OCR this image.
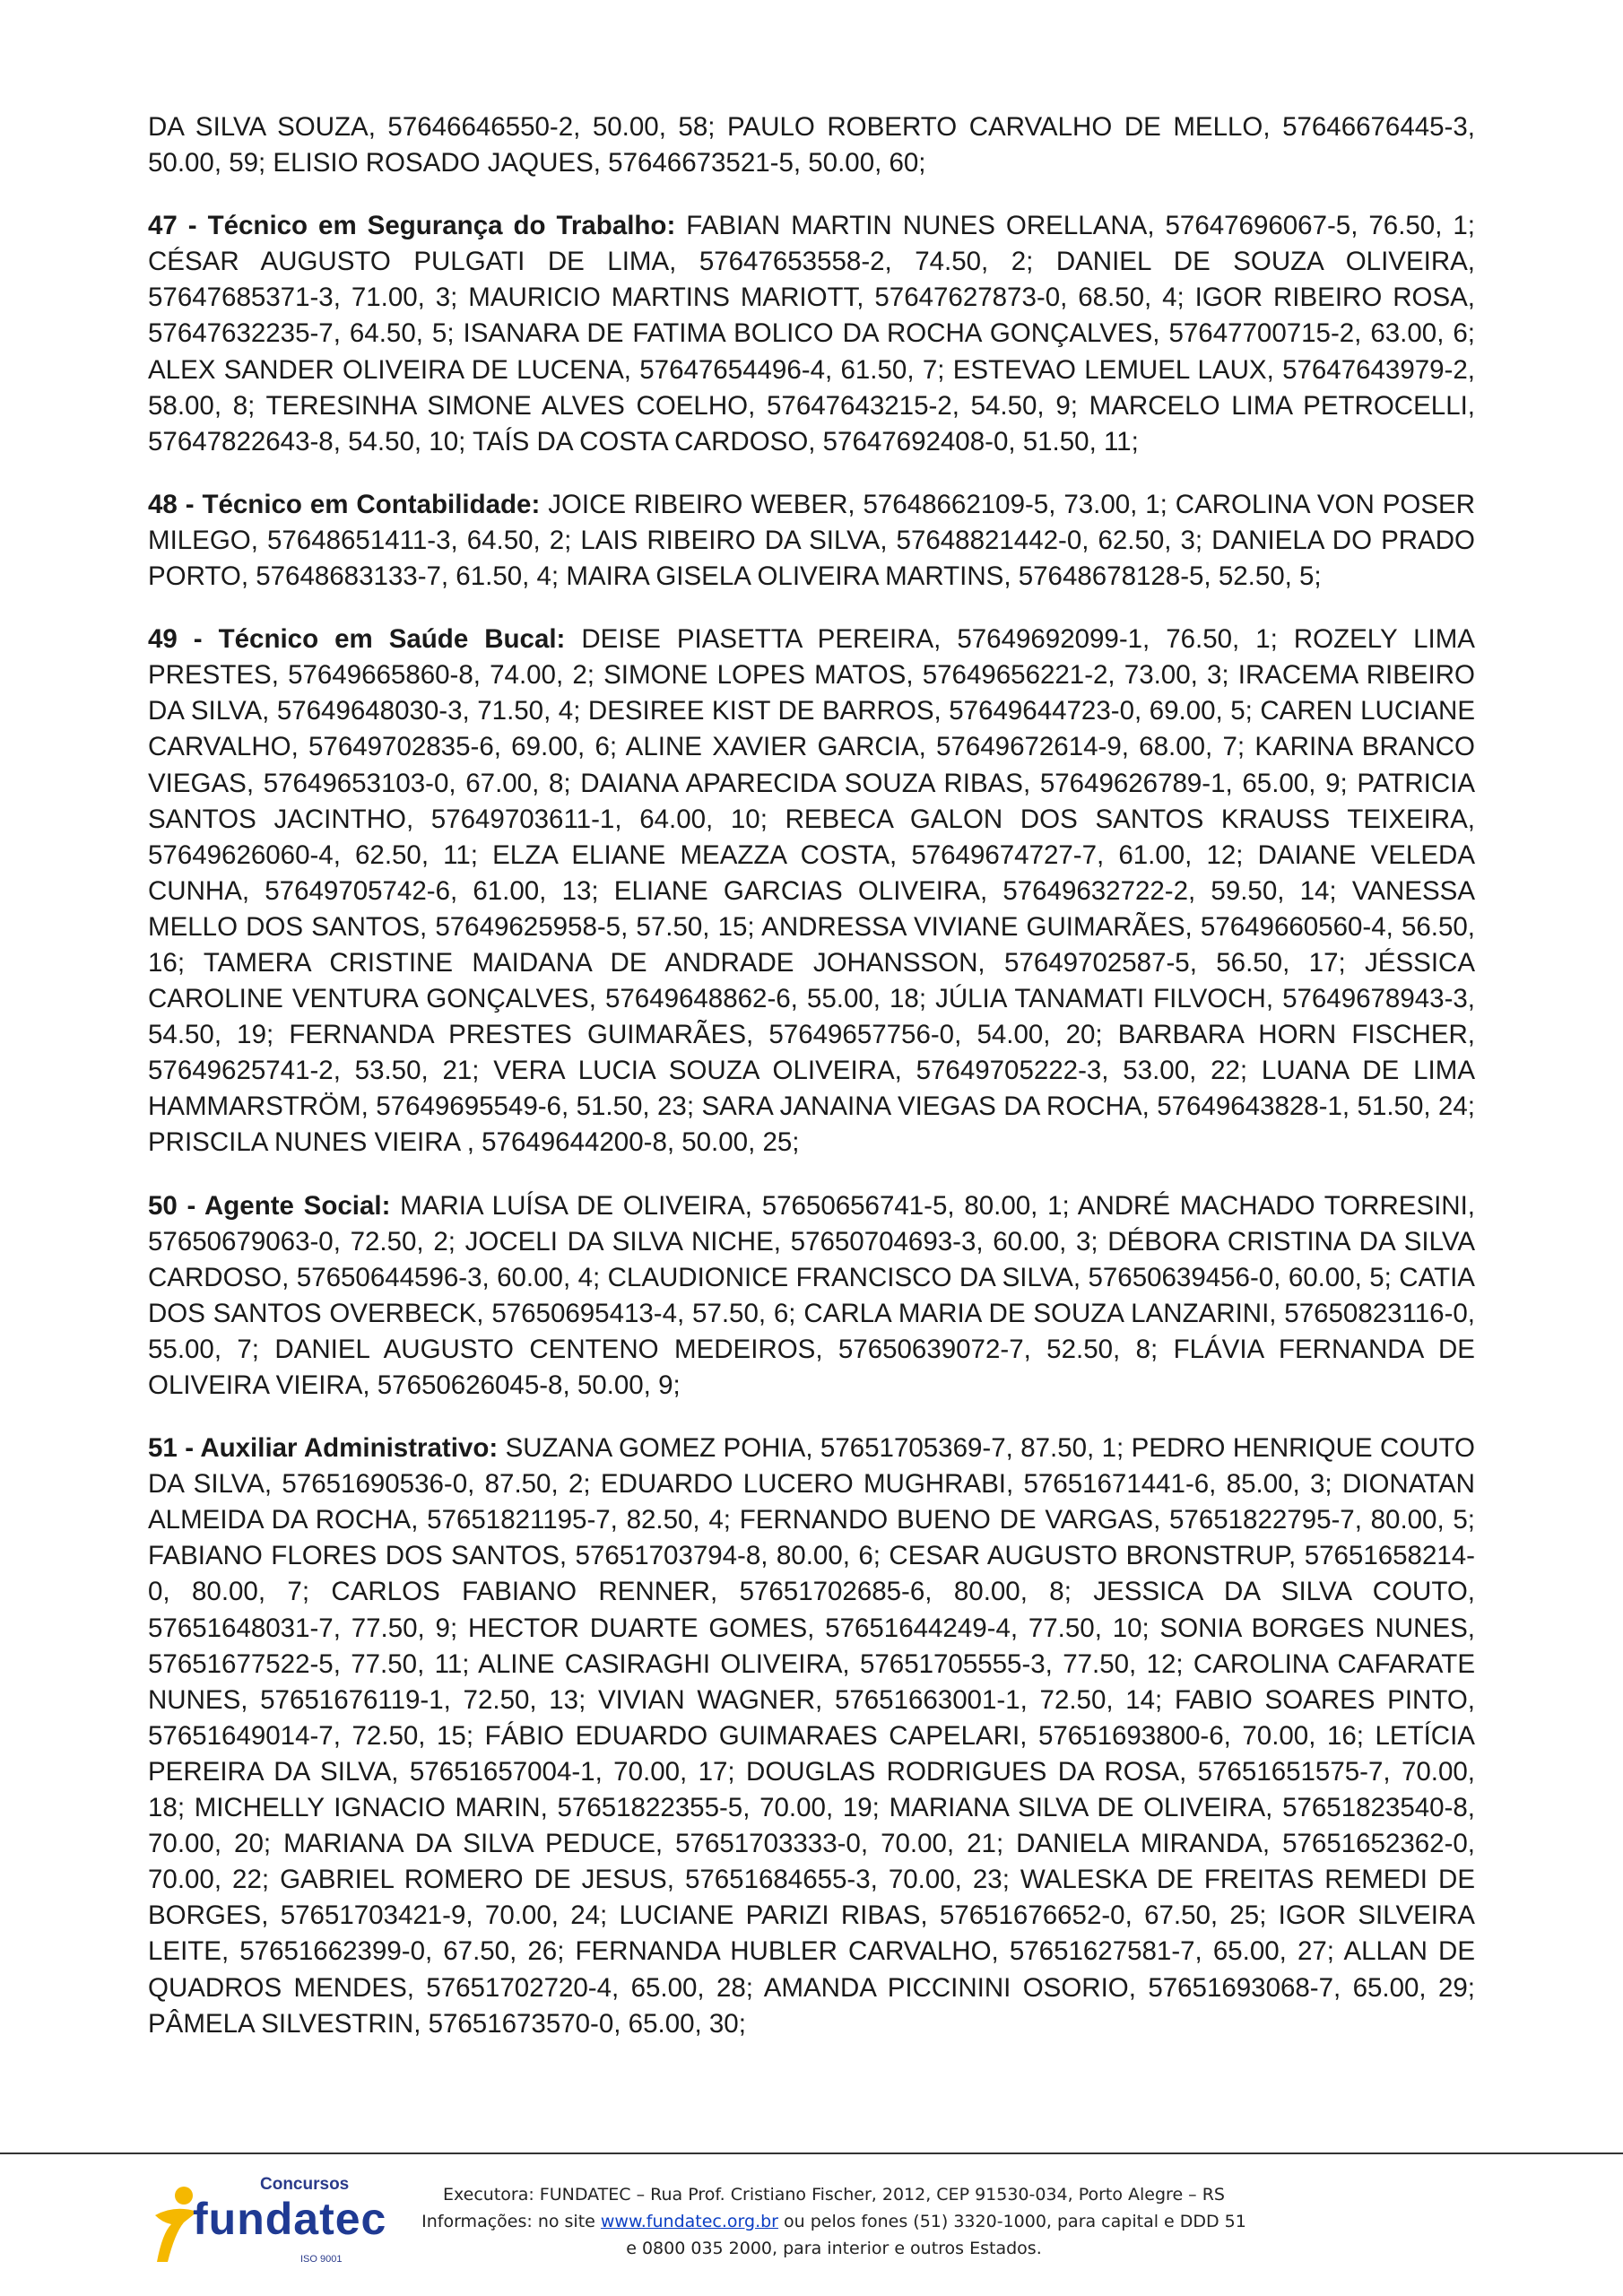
DA SILVA SOUZA, 57646646550-2, 50.00, 58; PAULO ROBERTO CARVALHO DE MELLO, 57646676445-3, 50.00, 59; ELISIO ROSADO JAQUES, 57646673521-5, 50.00, 60;

47 - Técnico em Segurança do Trabalho: FABIAN MARTIN NUNES ORELLANA, 57647696067-5, 76.50, 1; CÉSAR AUGUSTO PULGATI DE LIMA, 57647653558-2, 74.50, 2; DANIEL DE SOUZA OLIVEIRA, 57647685371-3, 71.00, 3; MAURICIO MARTINS MARIOTT, 57647627873-0, 68.50, 4; IGOR RIBEIRO ROSA, 57647632235-7, 64.50, 5; ISANARA DE FATIMA BOLICO DA ROCHA GONÇALVES, 57647700715-2, 63.00, 6; ALEX SANDER OLIVEIRA DE LUCENA, 57647654496-4, 61.50, 7; ESTEVAO LEMUEL LAUX, 57647643979-2, 58.00, 8; TERESINHA SIMONE ALVES COELHO, 57647643215-2, 54.50, 9; MARCELO LIMA PETROCELLI, 57647822643-8, 54.50, 10; TAÍS DA COSTA CARDOSO, 57647692408-0, 51.50, 11;

48 - Técnico em Contabilidade: JOICE RIBEIRO WEBER, 57648662109-5, 73.00, 1; CAROLINA VON POSER MILEGO, 57648651411-3, 64.50, 2; LAIS RIBEIRO DA SILVA, 57648821442-0, 62.50, 3; DANIELA DO PRADO PORTO, 57648683133-7, 61.50, 4; MAIRA GISELA OLIVEIRA MARTINS, 57648678128-5, 52.50, 5;

49 - Técnico em Saúde Bucal: DEISE PIASETTA PEREIRA, 57649692099-1, 76.50, 1; ROZELY LIMA PRESTES, 57649665860-8, 74.00, 2; SIMONE LOPES MATOS, 57649656221-2, 73.00, 3; IRACEMA RIBEIRO DA SILVA, 57649648030-3, 71.50, 4; DESIREE KIST DE BARROS, 57649644723-0, 69.00, 5; CAREN LUCIANE CARVALHO, 57649702835-6, 69.00, 6; ALINE XAVIER GARCIA, 57649672614-9, 68.00, 7; KARINA BRANCO VIEGAS, 57649653103-0, 67.00, 8; DAIANA APARECIDA SOUZA RIBAS, 57649626789-1, 65.00, 9; PATRICIA SANTOS JACINTHO, 57649703611-1, 64.00, 10; REBECA GALON DOS SANTOS KRAUSS TEIXEIRA, 57649626060-4, 62.50, 11; ELZA ELIANE MEAZZA COSTA, 57649674727-7, 61.00, 12; DAIANE VELEDA CUNHA, 57649705742-6, 61.00, 13; ELIANE GARCIAS OLIVEIRA, 57649632722-2, 59.50, 14; VANESSA MELLO DOS SANTOS, 57649625958-5, 57.50, 15; ANDRESSA VIVIANE GUIMARÃES, 57649660560-4, 56.50, 16; TAMERA CRISTINE MAIDANA DE ANDRADE JOHANSSON, 57649702587-5, 56.50, 17; JÉSSICA CAROLINE VENTURA GONÇALVES, 57649648862-6, 55.00, 18; JÚLIA TANAMATI FILVOCH, 57649678943-3, 54.50, 19; FERNANDA PRESTES GUIMARÃES, 57649657756-0, 54.00, 20; BARBARA HORN FISCHER, 57649625741-2, 53.50, 21; VERA LUCIA SOUZA OLIVEIRA, 57649705222-3, 53.00, 22; LUANA DE LIMA HAMMARSTRÖM, 57649695549-6, 51.50, 23; SARA JANAINA VIEGAS DA ROCHA, 57649643828-1, 51.50, 24; PRISCILA NUNES VIEIRA , 57649644200-8, 50.00, 25;

50 - Agente Social: MARIA LUÍSA DE OLIVEIRA, 57650656741-5, 80.00, 1; ANDRÉ MACHADO TORRESINI, 57650679063-0, 72.50, 2; JOCELI DA SILVA NICHE, 57650704693-3, 60.00, 3; DÉBORA CRISTINA DA SILVA CARDOSO, 57650644596-3, 60.00, 4; CLAUDIONICE FRANCISCO DA SILVA, 57650639456-0, 60.00, 5; CATIA DOS SANTOS OVERBECK, 57650695413-4, 57.50, 6; CARLA MARIA DE SOUZA LANZARINI, 57650823116-0, 55.00, 7; DANIEL AUGUSTO CENTENO MEDEIROS, 57650639072-7, 52.50, 8; FLÁVIA FERNANDA DE OLIVEIRA VIEIRA, 57650626045-8, 50.00, 9;

51 - Auxiliar Administrativo: SUZANA GOMEZ POHIA, 57651705369-7, 87.50, 1; PEDRO HENRIQUE COUTO DA SILVA, 57651690536-0, 87.50, 2; EDUARDO LUCERO MUGHRABI, 57651671441-6, 85.00, 3; DIONATAN ALMEIDA DA ROCHA, 57651821195-7, 82.50, 4; FERNANDO BUENO DE VARGAS, 57651822795-7, 80.00, 5; FABIANO FLORES DOS SANTOS, 57651703794-8, 80.00, 6; CESAR AUGUSTO BRONSTRUP, 57651658214-0, 80.00, 7; CARLOS FABIANO RENNER, 57651702685-6, 80.00, 8; JESSICA DA SILVA COUTO, 57651648031-7, 77.50, 9; HECTOR DUARTE GOMES, 57651644249-4, 77.50, 10; SONIA BORGES NUNES, 57651677522-5, 77.50, 11; ALINE CASIRAGHI OLIVEIRA, 57651705555-3, 77.50, 12; CAROLINA CAFARATE NUNES, 57651676119-1, 72.50, 13; VIVIAN WAGNER, 57651663001-1, 72.50, 14; FABIO SOARES PINTO, 57651649014-7, 72.50, 15; FÁBIO EDUARDO GUIMARAES CAPELARI, 57651693800-6, 70.00, 16; LETÍCIA PEREIRA DA SILVA, 57651657004-1, 70.00, 17; DOUGLAS RODRIGUES DA ROSA, 57651651575-7, 70.00, 18; MICHELLY IGNACIO MARIN, 57651822355-5, 70.00, 19; MARIANA SILVA DE OLIVEIRA, 57651823540-8, 70.00, 20; MARIANA DA SILVA PEDUCE, 57651703333-0, 70.00, 21; DANIELA MIRANDA, 57651652362-0, 70.00, 22; GABRIEL ROMERO DE JESUS, 57651684655-3, 70.00, 23; WALESKA DE FREITAS REMEDI DE BORGES, 57651703421-9, 70.00, 24; LUCIANE PARIZI RIBAS, 57651676652-0, 67.50, 25; IGOR SILVEIRA LEITE, 57651662399-0, 67.50, 26; FERNANDA HUBLER CARVALHO, 57651627581-7, 65.00, 27; ALLAN DE QUADROS MENDES, 57651702720-4, 65.00, 28; AMANDA PICCININI OSORIO, 57651693068-7, 65.00, 29; PÂMELA SILVESTRIN, 57651673570-0, 65.00, 30;

Concursos
fundatec
ISO 9001
Executora: FUNDATEC – Rua Prof. Cristiano Fischer, 2012, CEP 91530-034, Porto Alegre – RS
Informações: no site www.fundatec.org.br ou pelos fones (51) 3320-1000, para capital e DDD 51
e 0800 035 2000, para interior e outros Estados.
